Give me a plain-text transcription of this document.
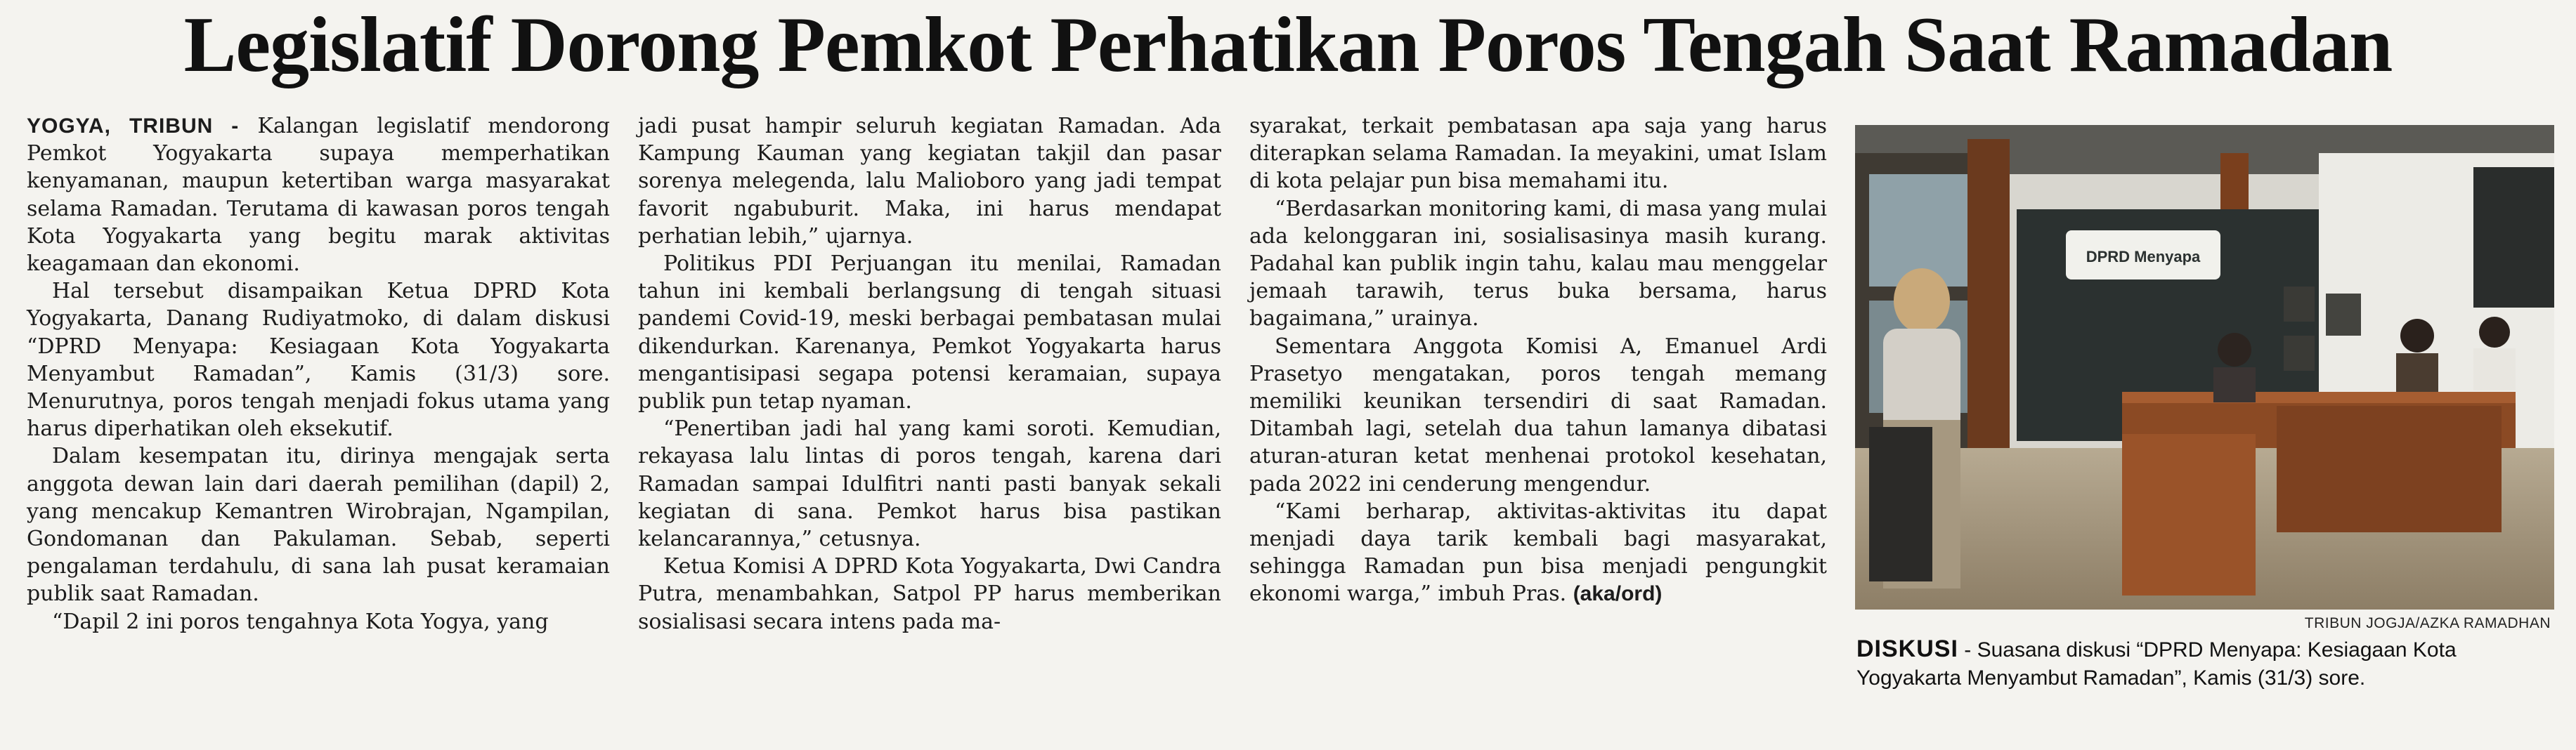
Legislatif Dorong Pemkot Perhatikan Poros Tengah Saat Ramadan

YOGYA, TRIBUN - Kalangan legislatif mendorong Pemkot Yogyakarta supaya memperhatikan kenyamanan, maupun ketertiban warga masyarakat selama Ramadan. Terutama di kawasan poros tengah Kota Yogyakarta yang begitu marak aktivitas keagamaan dan ekonomi.

Hal tersebut disampaikan Ketua DPRD Kota Yogyakarta, Danang Rudiyatmoko, di dalam diskusi “DPRD Menyapa: Kesiagaan Kota Yogyakarta Menyambut Ramadan”, Kamis (31/3) sore. Menurutnya, poros tengah menjadi fokus utama yang harus diperhatikan oleh eksekutif.

Dalam kesempatan itu, dirinya mengajak serta anggota dewan lain dari daerah pemilihan (dapil) 2, yang mencakup Kemantren Wirobrajan, Ngampilan, Gondomanan dan Pakulaman. Sebab, seperti pengalaman terdahulu, di sana lah pusat keramaian publik saat Ramadan.

“Dapil 2 ini poros tengahnya Kota Yogya, yang

jadi pusat hampir seluruh kegiatan Ramadan. Ada Kampung Kauman yang kegiatan takjil dan pasar sorenya melegenda, lalu Malioboro yang jadi tempat favorit ngabuburit. Maka, ini harus mendapat perhatian lebih,” ujarnya.

Politikus PDI Perjuangan itu menilai, Ramadan tahun ini kembali berlangsung di tengah situasi pandemi Covid-19, meski berbagai pembatasan mulai dikendurkan. Karenanya, Pemkot Yogyakarta harus mengantisipasi segapa potensi keramaian, supaya publik pun tetap nyaman.

“Penertiban jadi hal yang kami soroti. Kemudian, rekayasa lalu lintas di poros tengah, karena dari Ramadan sampai Idulfitri nanti pasti banyak sekali kegiatan di sana. Pemkot harus bisa pastikan kelancarannya,” cetusnya.

Ketua Komisi A DPRD Kota Yogyakarta, Dwi Candra Putra, menambahkan, Satpol PP harus memberikan sosialisasi secara intens pada ma-

syarakat, terkait pembatasan apa saja yang harus diterapkan selama Ramadan. Ia meyakini, umat Islam di kota pelajar pun bisa memahami itu.

“Berdasarkan monitoring kami, di masa yang mulai ada kelonggaran ini, sosialisasinya masih kurang. Padahal kan publik ingin tahu, kalau mau menggelar jemaah tarawih, terus buka bersama, harus bagaimana,” urainya.

Sementara Anggota Komisi A, Emanuel Ardi Prasetyo mengatakan, poros tengah memang memiliki keunikan tersendiri di saat Ramadan. Ditambah lagi, setelah dua tahun lamanya dibatasi aturan-aturan ketat menhenai protokol kesehatan, pada 2022 ini cenderung mengendur.

“Kami berharap, aktivitas-aktivitas itu dapat menjadi daya tarik kembali bagi masyarakat, sehingga Ramadan pun bisa menjadi pengungkit ekonomi warga,” imbuh Pras. (aka/ord)

DPRD Menyapa
TRIBUN JOGJA/AZKA RAMADHAN
DISKUSI - Suasana diskusi “DPRD Menyapa: Kesiagaan Kota Yogyakarta Menyambut Ramadan”, Kamis (31/3) sore.
